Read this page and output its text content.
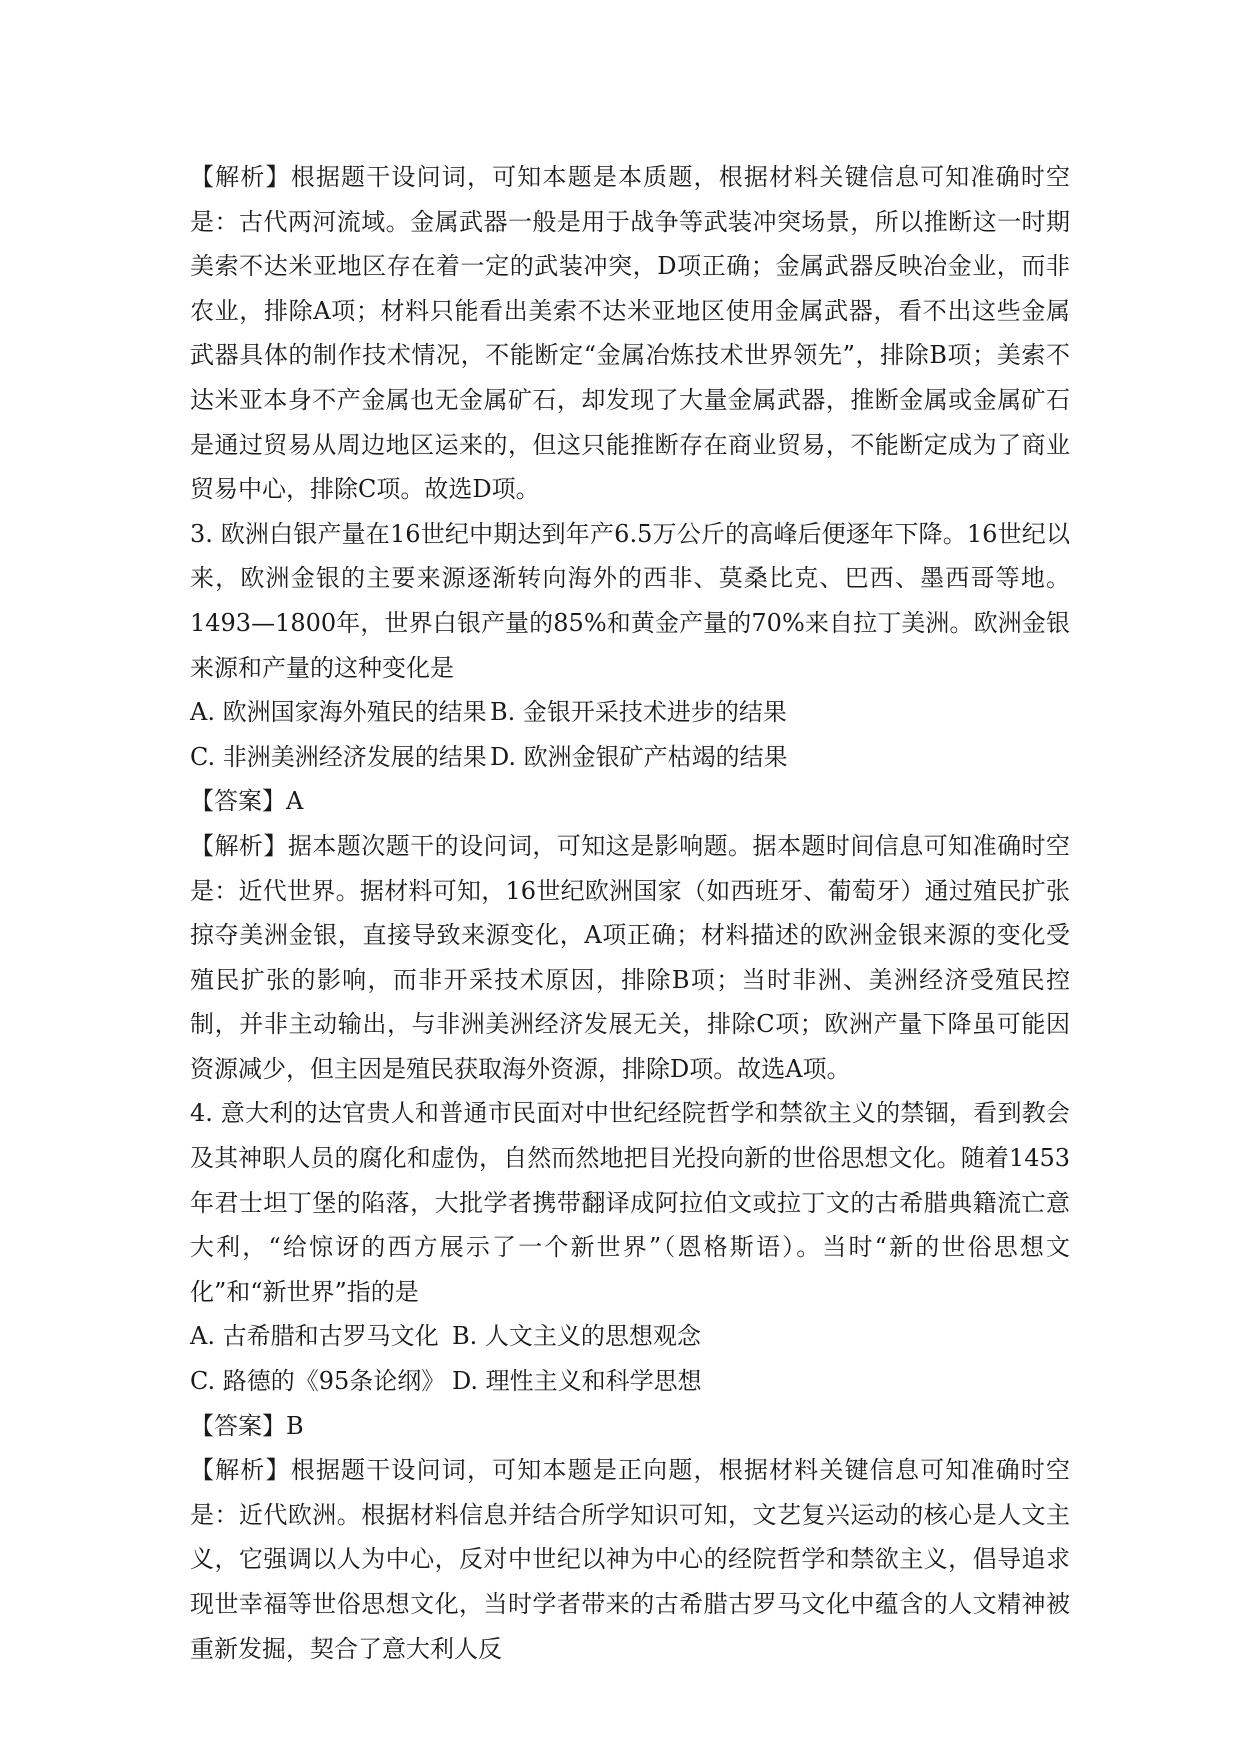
【解析】根据题干设问词，可知本题是本质题，根据材料关键信息可知准确时空是：古代两河流域。金属武器一般是用于战争等武装冲突场景，所以推断这一时期美索不达米亚地区存在着一定的武装冲突，D项正确；金属武器反映冶金业，而非农业，排除A项；材料只能看出美索不达米亚地区使用金属武器，看不出这些金属武器具体的制作技术情况，不能断定“金属冶炼技术世界领先”，排除B项；美索不达米亚本身不产金属也无金属矿石，却发现了大量金属武器，推断金属或金属矿石是通过贸易从周边地区运来的，但这只能推断存在商业贸易，不能断定成为了商业贸易中心，排除C项。故选D项。

3. 欧洲白银产量在16世纪中期达到年产6.5万公斤的高峰后便逐年下降。16世纪以来，欧洲金银的主要来源逐渐转向海外的西非、莫桑比克、巴西、墨西哥等地。1493—1800年，世界白银产量的85%和黄金产量的70%来自拉丁美洲。欧洲金银来源和产量的这种变化是

A. 欧洲国家海外殖民的结果 B. 金银开采技术进步的结果
C. 非洲美洲经济发展的结果 D. 欧洲金银矿产枯竭的结果

【答案】A

【解析】据本题次题干的设问词，可知这是影响题。据本题时间信息可知准确时空是：近代世界。据材料可知，16世纪欧洲国家（如西班牙、葡萄牙）通过殖民扩张掠夺美洲金银，直接导致来源变化，A项正确；材料描述的欧洲金银来源的变化受殖民扩张的影响，而非开采技术原因，排除B项；当时非洲、美洲经济受殖民控制，并非主动输出，与非洲美洲经济发展无关，排除C项；欧洲产量下降虽可能因资源减少，但主因是殖民获取海外资源，排除D项。故选A项。

4. 意大利的达官贵人和普通市民面对中世纪经院哲学和禁欲主义的禁锢，看到教会及其神职人员的腐化和虚伪，自然而然地把目光投向新的世俗思想文化。随着1453年君士坦丁堡的陷落，大批学者携带翻译成阿拉伯文或拉丁文的古希腊典籍流亡意大利，“给惊讶的西方展示了一个新世界”（恩格斯语）。当时“新的世俗思想文化”和“新世界”指的是

A. 古希腊和古罗马文化 B. 人文主义的思想观念
C. 路德的《95条论纲》 D. 理性主义和科学思想

【答案】B

【解析】根据题干设问词，可知本题是正向题，根据材料关键信息可知准确时空是：近代欧洲。根据材料信息并结合所学知识可知，文艺复兴运动的核心是人文主义，它强调以人为中心，反对中世纪以神为中心的经院哲学和禁欲主义，倡导追求现世幸福等世俗思想文化，当时学者带来的古希腊古罗马文化中蕴含的人文精神被重新发掘，契合了意大利人反
